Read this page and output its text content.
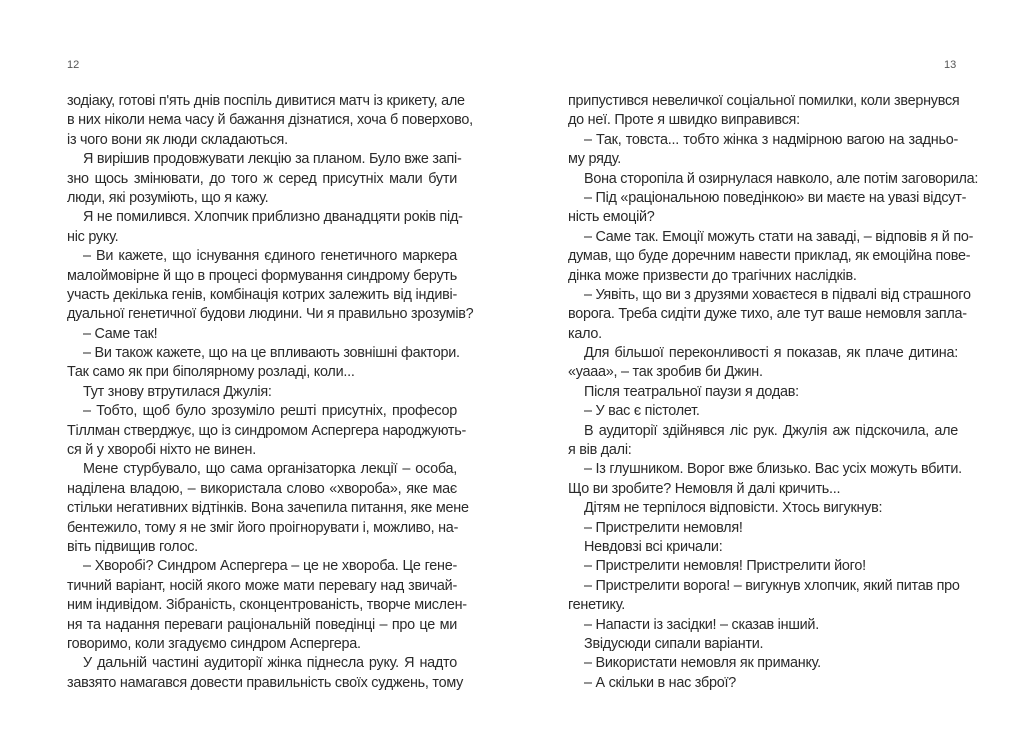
12	13
зодіаку, готові п'ять днів поспіль дивитися матч із крикету, але
в них ніколи нема часу й бажання дізнатися, хоча б поверхово,
із чого вони як люди складаються.
Я вирішив продовжувати лекцію за планом. Було вже запі-
зно щось змінювати, до того ж серед присутніх мали бути
люди, які розуміють, що я кажу.
Я не помилився. Хлопчик приблизно дванадцяти років під-
ніс руку.
– Ви кажете, що існування єдиного генетичного маркера
малоймовірне й що в процесі формування синдрому беруть
участь декілька генів, комбінація котрих залежить від індиві-
дуальної генетичної будови людини. Чи я правильно зрозумів?
– Саме так!
– Ви також кажете, що на це впливають зовнішні фактори.
Так само як при біполярному розладі, коли...
Тут знову втрутилася Джулія:
– Тобто, щоб було зрозуміло решті присутніх, професор
Тіллман стверджує, що із синдромом Аспергера народжують-
ся й у хворобі ніхто не винен.
Мене стурбувало, що сама організаторка лекції – особа,
наділена владою, – використала слово «хвороба», яке має
стільки негативних відтінків. Вона зачепила питання, яке мене
бентежило, тому я не зміг його проігнорувати і, можливо, на-
віть підвищив голос.
– Хворобі? Синдром Аспергера – це не хвороба. Це гене-
тичний варіант, носій якого може мати перевагу над звичай-
ним індивідом. Зібраність, сконцентрованість, творче мислен-
ня та надання переваги раціональній поведінці – про це ми
говоримо, коли згадуємо синдром Аспергера.
У дальній частині аудиторії жінка піднесла руку. Я надто
завзято намагався довести правильність своїх суджень, тому
припустився невеличкої соціальної помилки, коли звернувся
до неї. Проте я швидко виправився:
– Так, товста... тобто жінка з надмірною вагою на задньо-
му ряду.
Вона сторопіла й озирнулася навколо, але потім заговорила:
– Під «раціональною поведінкою» ви маєте на увазі відсут-
ність емоцій?
– Саме так. Емоції можуть стати на заваді, – відповів я й по-
думав, що буде доречним навести приклад, як емоційна пове-
дінка може призвести до трагічних наслідків.
– Уявіть, що ви з друзями ховаєтеся в підвалі від страшного
ворога. Треба сидіти дуже тихо, але тут ваше немовля запла-
кало.
Для більшої переконливості я показав, як плаче дитина:
«уааа», – так зробив би Джин.
Після театральної паузи я додав:
– У вас є пістолет.
В аудиторії здійнявся ліс рук. Джулія аж підскочила, але
я вів далі:
– Із глушником. Ворог вже близько. Вас усіх можуть вбити.
Що ви зробите? Немовля й далі кричить...
Дітям не терпілося відповісти. Хтось вигукнув:
– Пристрелити немовля!
Невдовзі всі кричали:
– Пристрелити немовля! Пристрелити його!
– Пристрелити ворога! – вигукнув хлопчик, який питав про
генетику.
– Напасти із засідки! – сказав інший.
Звідусюди сипали варіанти.
– Використати немовля як приманку.
– А скільки в нас зброї?
